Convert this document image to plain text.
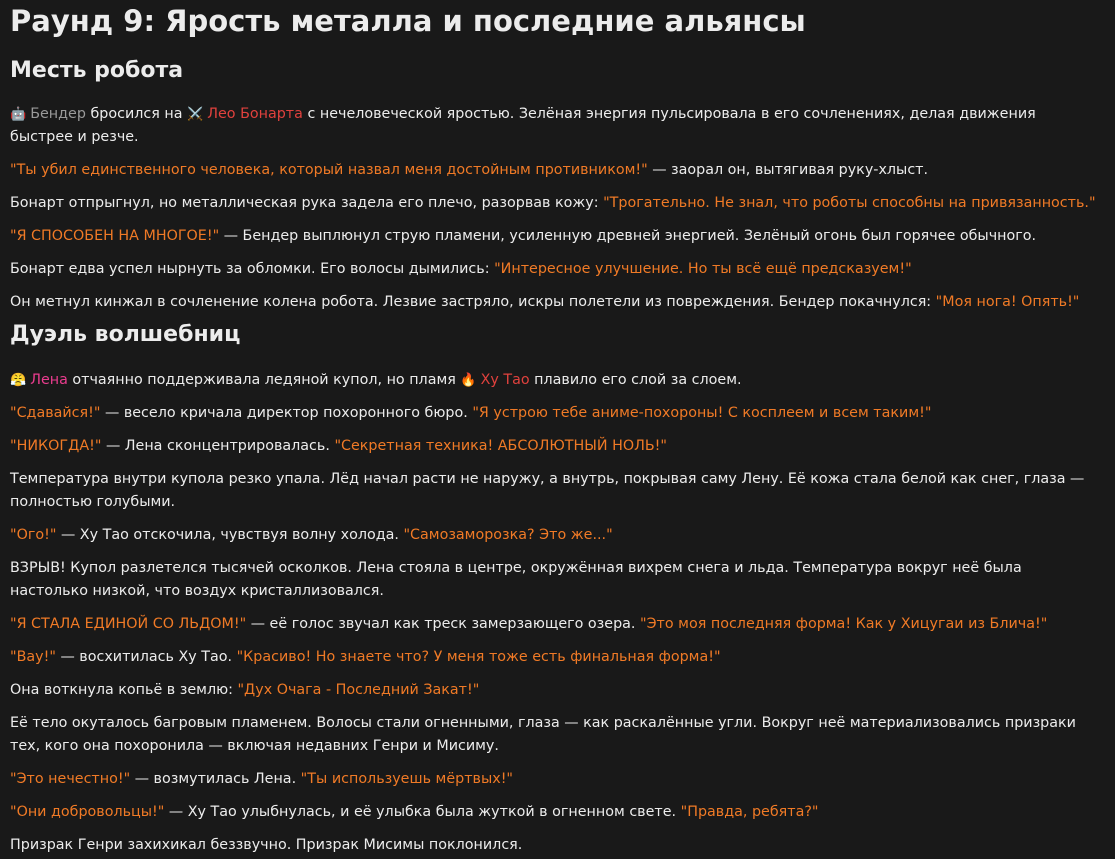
Раунд 9: Ярость металла и последние альянсы
Месть робота

🤖 Бендер бросился на ⚔️ Лео Бонарта с нечеловеческой яростью. Зелёная энергия пульсировала в его сочленениях, делая движения быстрее и резче.

"Ты убил единственного человека, который назвал меня достойным противником!" — заорал он, вытягивая руку-хлыст.

Бонарт отпрыгнул, но металлическая рука задела его плечо, разорвав кожу: "Трогательно. Не знал, что роботы способны на привязанность."

"Я СПОСОБЕН НА МНОГОЕ!" — Бендер выплюнул струю пламени, усиленную древней энергией. Зелёный огонь был горячее обычного.

Бонарт едва успел нырнуть за обломки. Его волосы дымились: "Интересное улучшение. Но ты всё ещё предсказуем!"

Он метнул кинжал в сочленение колена робота. Лезвие застряло, искры полетели из повреждения. Бендер покачнулся: "Моя нога! Опять!"

Дуэль волшебниц

😤 Лена отчаянно поддерживала ледяной купол, но пламя 🔥 Ху Тао плавило его слой за слоем.

"Сдавайся!" — весело кричала директор похоронного бюро. "Я устрою тебе аниме-похороны! С косплеем и всем таким!"

"НИКОГДА!" — Лена сконцентрировалась. "Секретная техника! АБСОЛЮТНЫЙ НОЛЬ!"

Температура внутри купола резко упала. Лёд начал расти не наружу, а внутрь, покрывая саму Лену. Её кожа стала белой как снег, глаза — полностью голубыми.

"Ого!" — Ху Тао отскочила, чувствуя волну холода. "Самозаморозка? Это же..."

ВЗРЫВ! Купол разлетелся тысячей осколков. Лена стояла в центре, окружённая вихрем снега и льда. Температура вокруг неё была настолько низкой, что воздух кристаллизовался.

"Я СТАЛА ЕДИНОЙ СО ЛЬДОМ!" — её голос звучал как треск замерзающего озера. "Это моя последняя форма! Как у Хицугаи из Блича!"

"Вау!" — восхитилась Ху Тао. "Красиво! Но знаете что? У меня тоже есть финальная форма!"

Она воткнула копьё в землю: "Дух Очага - Последний Закат!"

Её тело окуталось багровым пламенем. Волосы стали огненными, глаза — как раскалённые угли. Вокруг неё материализовались призраки тех, кого она похоронила — включая недавних Генри и Мисиму.

"Это нечестно!" — возмутилась Лена. "Ты используешь мёртвых!"

"Они добровольцы!" — Ху Тао улыбнулась, и её улыбка была жуткой в огненном свете. "Правда, ребята?"

Призрак Генри захихикал беззвучно. Призрак Мисимы поклонился.
